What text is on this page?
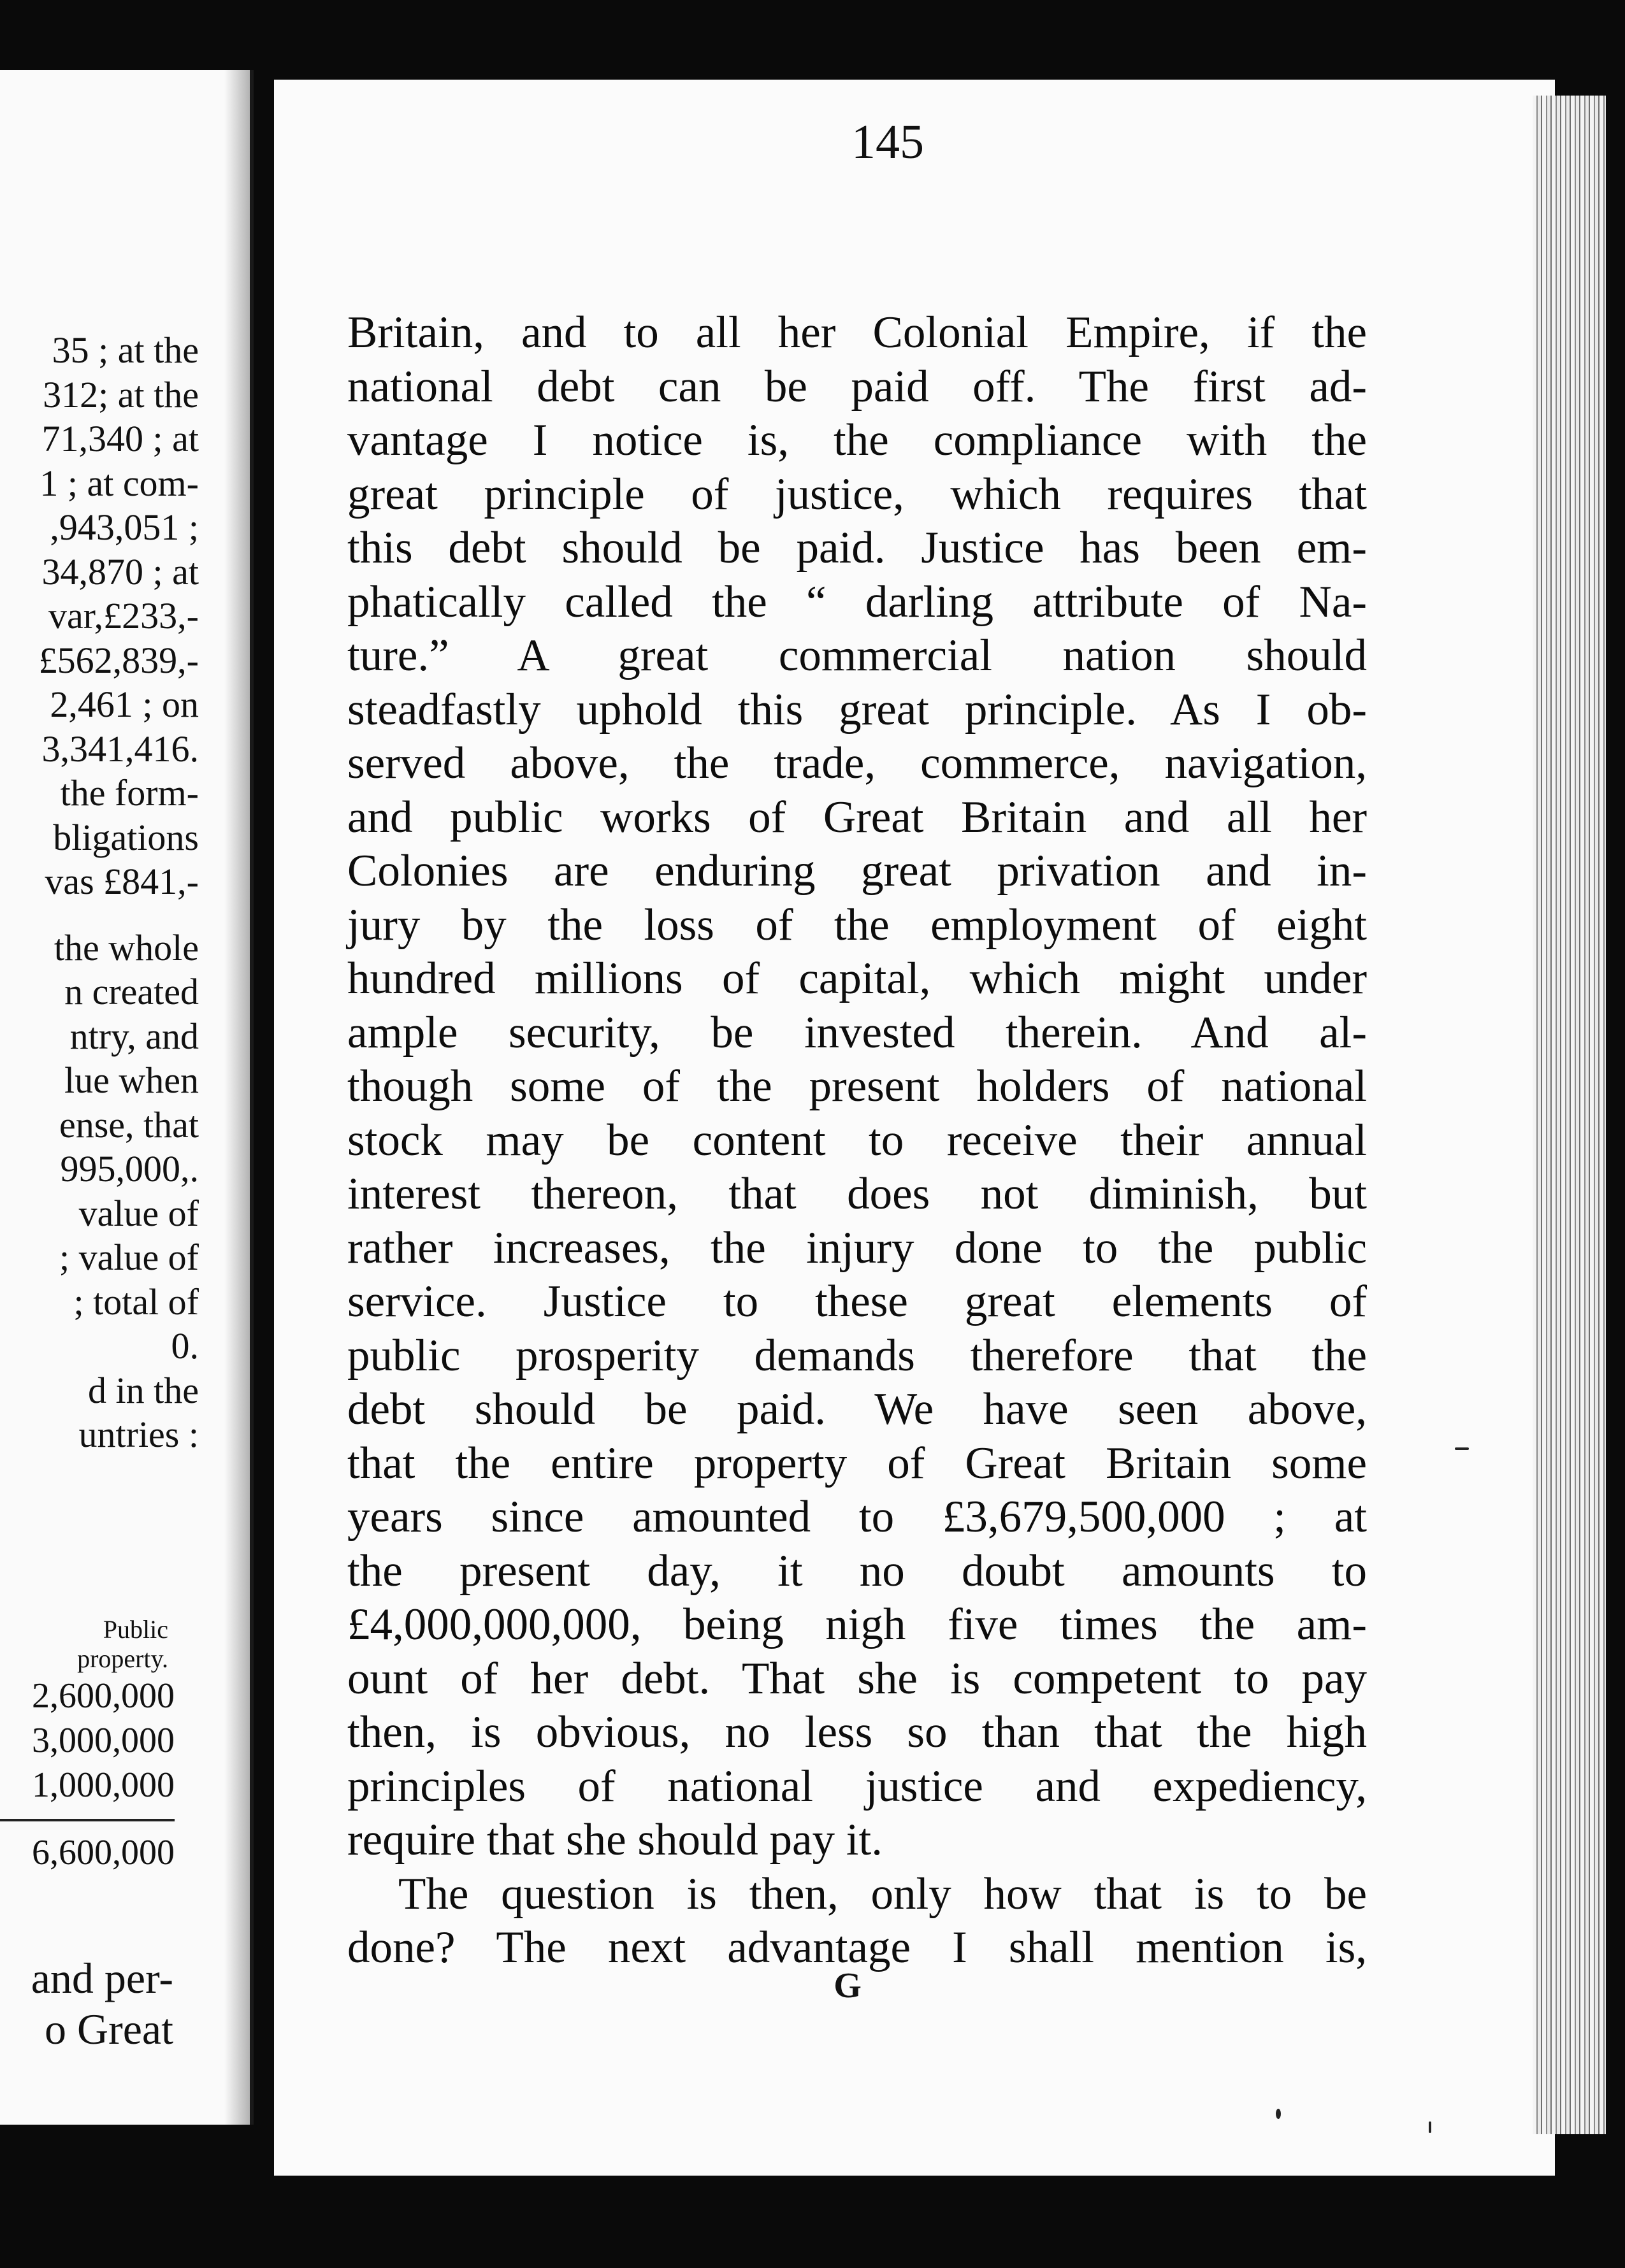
35 ; at the
312; at the
71,340 ; at
1 ; at com-
,943,051 ;
34,870 ; at
var,£233,-
£562,839,-
2,461 ; on
3,341,416.
the form-
bligations
vas £841,-
the whole
n created
ntry, and
lue when
ense, that
995,000,.
value of
; value of
; total of
0.
d in the
untries :
Public
property.
2,600,000
3,000,000
1,000,000
6,600,000
and per-
o Great
145
Britain, and to all her Colonial Empire, if the
national debt can be paid off. The first ad-
vantage I notice is, the compliance with the
great principle of justice, which requires that
this debt should be paid. Justice has been em-
phatically called the “ darling attribute of Na-
ture.” A great commercial nation should
steadfastly uphold this great principle. As I ob-
served above, the trade, commerce, navigation,
and public works of Great Britain and all her
Colonies are enduring great privation and in-
jury by the loss of the employment of eight
hundred millions of capital, which might under
ample security, be invested therein. And al-
though some of the present holders of national
stock may be content to receive their annual
interest thereon, that does not diminish, but
rather increases, the injury done to the public
service. Justice to these great elements of
public prosperity demands therefore that the
debt should be paid. We have seen above,
that the entire property of Great Britain some
years since amounted to £3,679,500,000 ; at
the present day, it no doubt amounts to
£4,000,000,000, being nigh five times the am-
ount of her debt. That she is competent to pay
then, is obvious, no less so than that the high
principles of national justice and expediency,
require that she should pay it.
The question is then, only how that is to be
done? The next advantage I shall mention is,
G
